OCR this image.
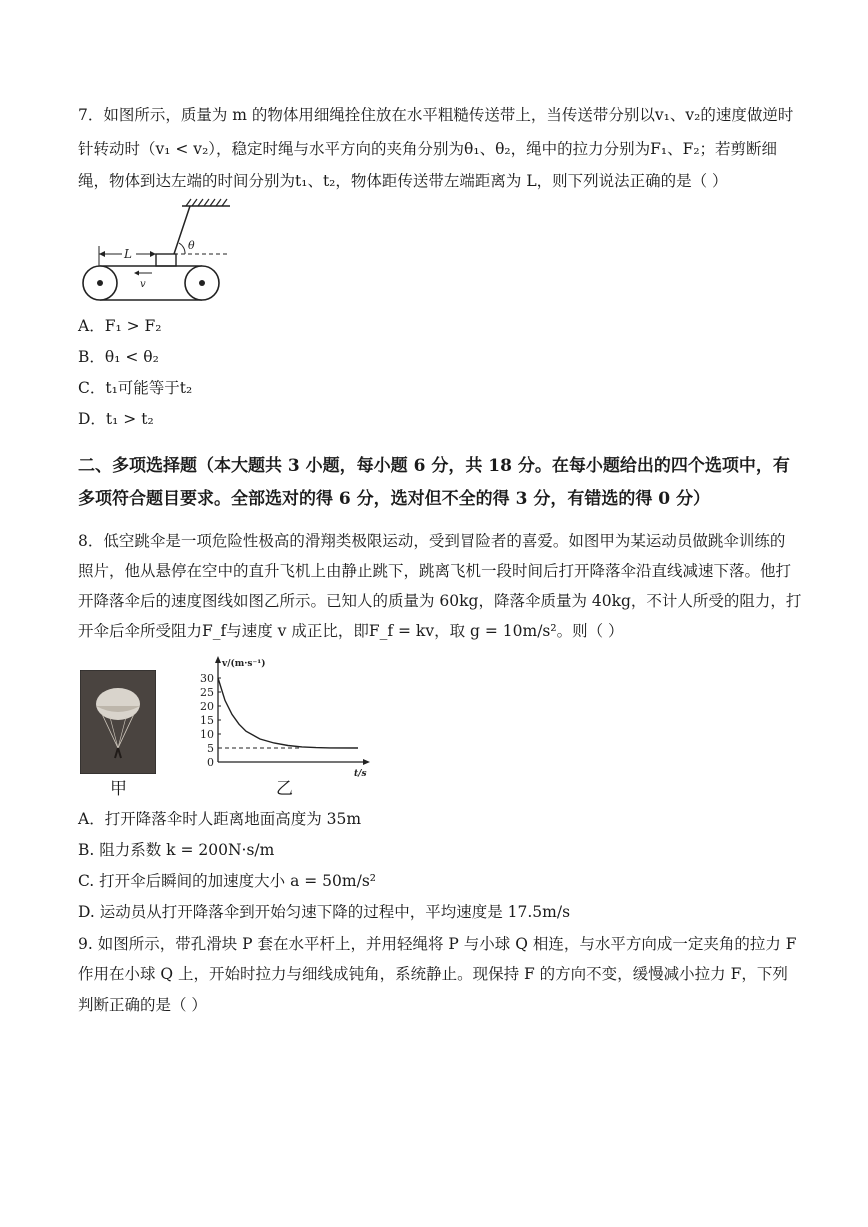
7．如图所示，质量为 m 的物体用细绳拴住放在水平粗糙传送带上，当传送带分别以v₁、v₂的速度做逆时
针转动时（v₁ < v₂），稳定时绳与水平方向的夹角分别为θ₁、θ₂，绳中的拉力分别为F₁、F₂；若剪断细
绳，物体到达左端的时间分别为t₁、t₂，物体距传送带左端距离为 L，则下列说法正确的是（ ）
θ
L
v
A．F₁ > F₂
B．θ₁ < θ₂
C．t₁可能等于t₂
D．t₁ > t₂
二、多项选择题（本大题共 3 小题，每小题 6 分，共 18 分。在每小题给出的四个选项中，有
多项符合题目要求。全部选对的得 6 分，选对但不全的得 3 分，有错选的得 0 分）
8．低空跳伞是一项危险性极高的滑翔类极限运动，受到冒险者的喜爱。如图甲为某运动员做跳伞训练的
照片，他从悬停在空中的直升飞机上由静止跳下，跳离飞机一段时间后打开降落伞沿直线减速下落。他打
开降落伞后的速度图线如图乙所示。已知人的质量为 60kg，降落伞质量为 40kg，不计人所受的阻力，打
开伞后伞所受阻力F_f与速度 v 成正比，即F_f = kv，取 g = 10m/s²。则（ ）
甲
v/(m·s⁻¹)
t/s
0
5
10
15
20
25
30
乙
A．打开降落伞时人距离地面高度为 35m
B. 阻力系数 k = 200N·s/m
C. 打开伞后瞬间的加速度大小 a = 50m/s²
D. 运动员从打开降落伞到开始匀速下降的过程中，平均速度是 17.5m/s
9. 如图所示，带孔滑块 P 套在水平杆上，并用轻绳将 P 与小球 Q 相连，与水平方向成一定夹角的拉力 F
作用在小球 Q 上，开始时拉力与细线成钝角，系统静止。现保持 F 的方向不变，缓慢减小拉力 F，下列
判断正确的是（ ）
